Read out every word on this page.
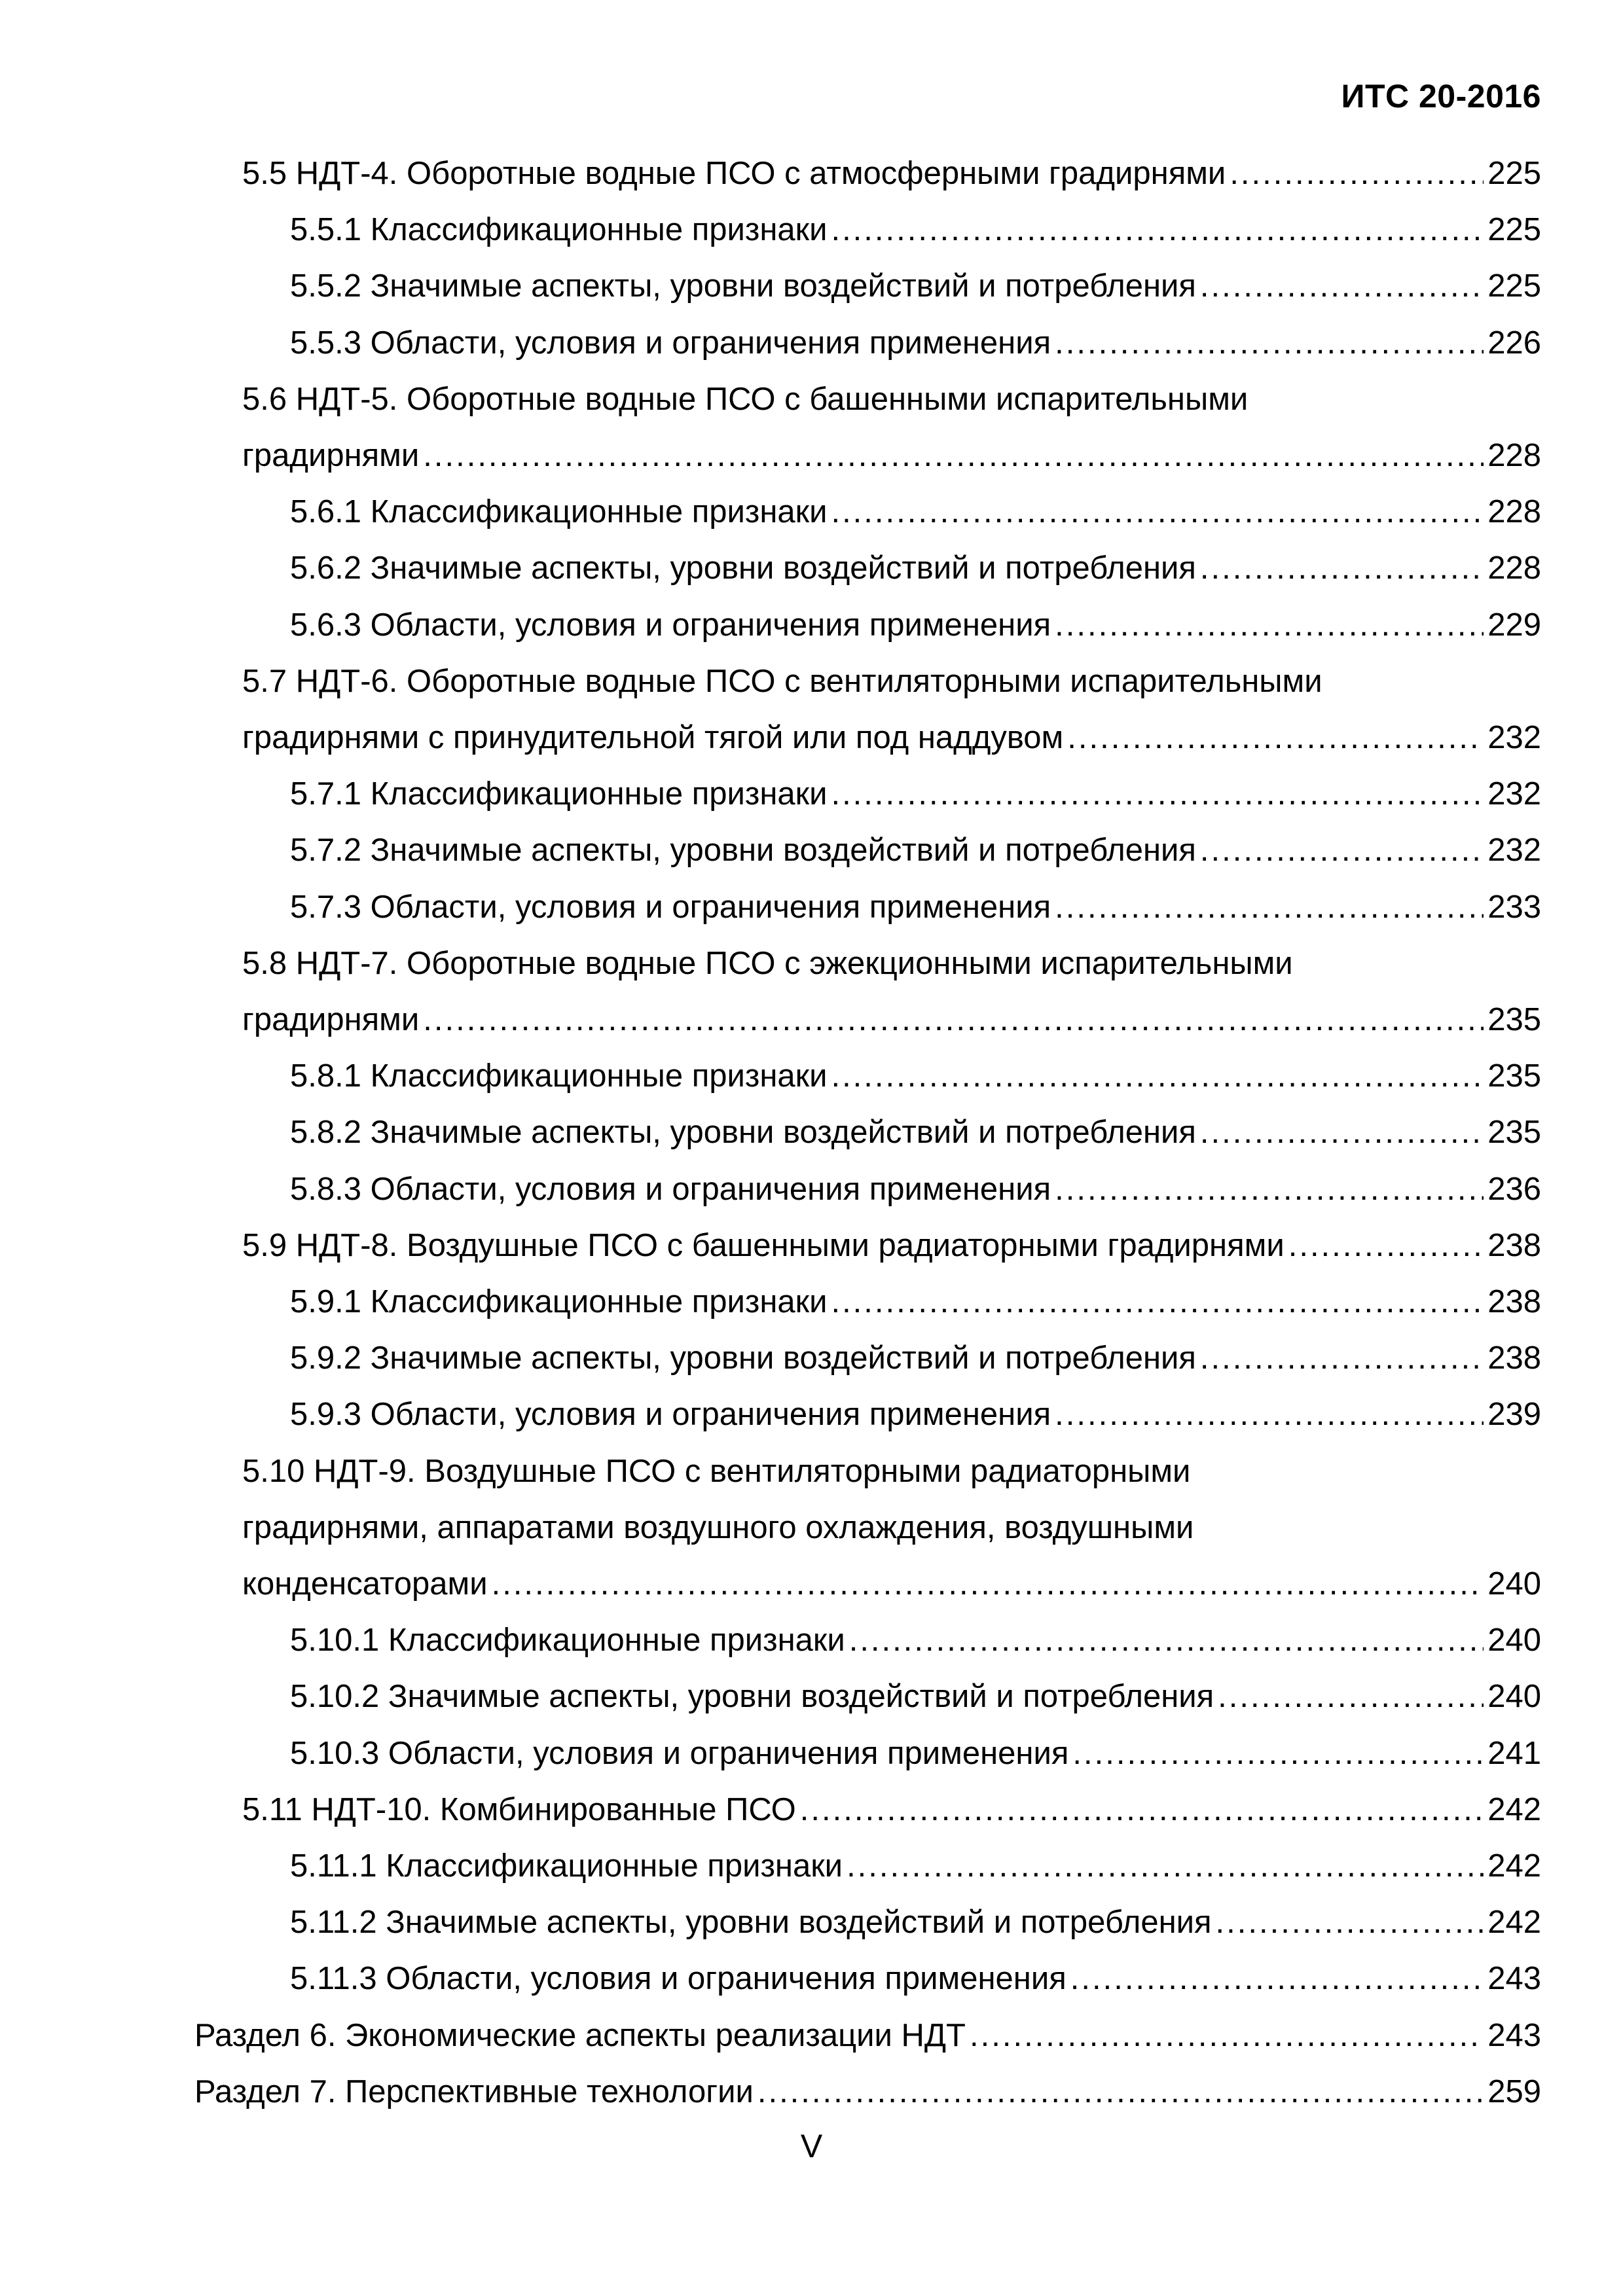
ИТС 20-2016
5.5 НДТ-4. Оборотные водные ПСО с атмосферными градирнями .....	225
5.5.1 Классификационные признаки .....	225
5.5.2 Значимые аспекты, уровни воздействий и потребления .....	225
5.5.3 Области, условия и ограничения применения .....	226
5.6 НДТ-5. Оборотные водные ПСО с башенными испарительными
градирнями .....	228
5.6.1 Классификационные признаки .....	228
5.6.2 Значимые аспекты, уровни воздействий и потребления .....	228
5.6.3 Области, условия и ограничения применения .....	229
5.7 НДТ-6. Оборотные водные ПСО с вентиляторными испарительными
градирнями с принудительной тягой или под наддувом .....	232
5.7.1 Классификационные признаки .....	232
5.7.2 Значимые аспекты, уровни воздействий и потребления .....	232
5.7.3 Области, условия и ограничения применения .....	233
5.8 НДТ-7. Оборотные водные ПСО с эжекционными испарительными
градирнями .....	235
5.8.1 Классификационные признаки .....	235
5.8.2 Значимые аспекты, уровни воздействий и потребления .....	235
5.8.3 Области, условия и ограничения применения .....	236
5.9 НДТ-8. Воздушные ПСО с башенными радиаторными градирнями .....	238
5.9.1 Классификационные признаки .....	238
5.9.2 Значимые аспекты, уровни воздействий и потребления .....	238
5.9.3 Области, условия и ограничения применения .....	239
5.10 НДТ-9. Воздушные ПСО с вентиляторными радиаторными
градирнями, аппаратами воздушного охлаждения, воздушными
конденсаторами .....	240
5.10.1 Классификационные признаки .....	240
5.10.2 Значимые аспекты, уровни воздействий и потребления .....	240
5.10.3 Области, условия и ограничения применения .....	241
5.11 НДТ-10. Комбинированные ПСО .....	242
5.11.1 Классификационные признаки .....	242
5.11.2 Значимые аспекты, уровни воздействий и потребления .....	242
5.11.3 Области, условия и ограничения применения .....	243
Раздел 6. Экономические аспекты реализации НДТ .....	243
Раздел 7. Перспективные технологии .....	259
V
